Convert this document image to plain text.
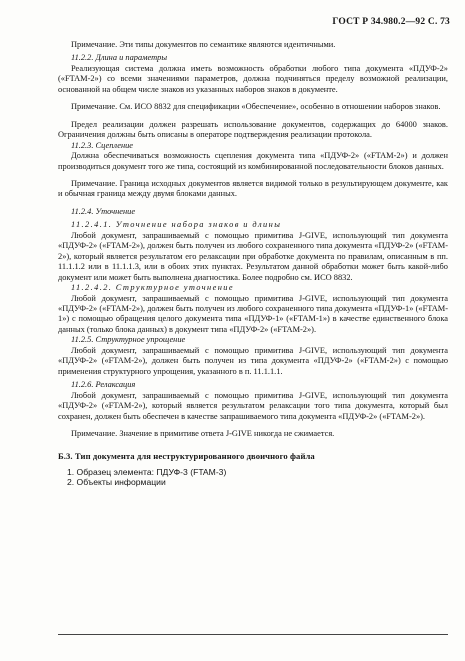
ГОСТ Р 34.980.2—92 С. 73

Примечание. Эти типы документов по семантике являются идентичными.

11.2.2. Длина и параметры

Реализующая система должна иметь возможность обработки любого типа документа «ПДУФ-2» («FTAM-2») со всеми значениями параметров, должна подчиняться пределу возможной реализации, основанной на общем числе знаков из указанных наборов знаков в документе.

Примечание. См. ИСО 8832 для спецификации «Обеспечение», особенно в отношении наборов знаков.

Предел реализации должен разрешать использование документов, содержащих до 64000 знаков. Ограничения должны быть описаны в операторе подтверждения реализации протокола.

11.2.3. Сцепление

Должна обеспечиваться возможность сцепления документа типа «ПДУФ-2» («FTAM-2») и должен производиться документ того же типа, состоящий из комбинированной последовательности блоков данных.

Примечание. Граница исходных документов является видимой только в результирующем документе, как и обычная граница между двумя блоками данных.

11.2.4. Уточнение

11.2.4.1. Уточнение набора знаков и длины

Любой документ, запрашиваемый с помощью примитива J-GIVE, использующий тип документа «ПДУФ-2» («FTAM-2»), должен быть получен из любого сохраненного типа документа «ПДУФ-2» («FTAM-2»), который является результатом его релаксации при обработке документа по правилам, описанным в пп. 11.1.1.2 или в 11.1.1.3, или в обоих этих пунктах. Результатом данной обработки может быть какой-либо документ или может быть выполнена диагностика. Более подробно см. ИСО 8832.

11.2.4.2. Структурное уточнение

Любой документ, запрашиваемый с помощью примитива J-GIVE, использующий тип документа «ПДУФ-2» («FTAM-2»), должен быть получен из любого сохраненного типа документа «ПДУФ-1» («FTAM-1») с помощью обращения целого документа типа «ПДУФ-1» («FTAM-1») в качестве единственного блока данных (только блока данных) в документ типа «ПДУФ-2» («FTAM-2»).

11.2.5. Структурное упрощение

Любой документ, запрашиваемый с помощью примитива J-GIVE, использующий тип документа «ПДУФ-2» («FTAM-2»), должен быть получен из типа документа «ПДУФ-2» («FTAM-2») с помощью применения структурного упрощения, указанного в п. 11.1.1.1.

11.2.6. Релаксация

Любой документ, запрашиваемый с помощью примитива J-GIVE, использующий тип документа «ПДУФ-2» («FTAM-2»), который является результатом релаксации того типа документа, который был сохранен, должен быть обеспечен в качестве запрашиваемого типа документа «ПДУФ-2» («FTAM-2»).

Примечание. Значение в примитиве ответа J-GIVE никогда не сжимается.

Б.3. Тип документа для неструктурированного двоичного файла

1. Образец элемента: ПДУФ-3 (FTAM-3)

2. Объекты информации
